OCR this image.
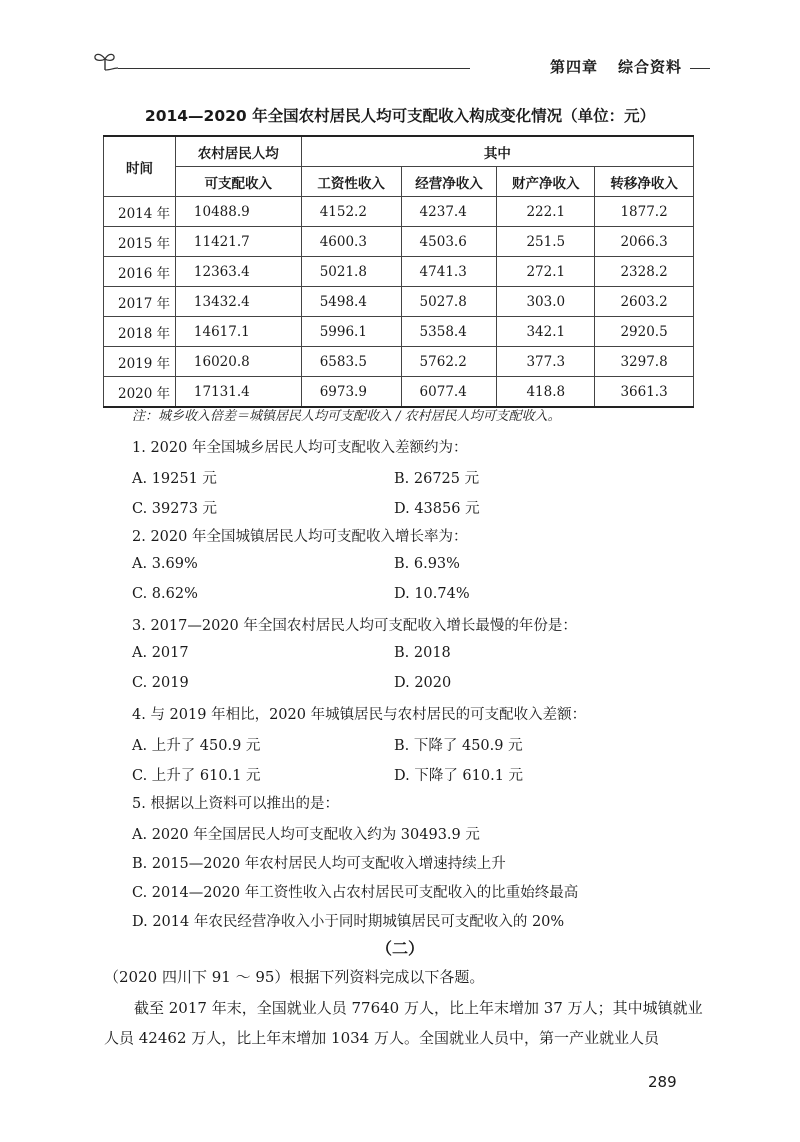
第四章 综合资料
2014—2020 年全国农村居民人均可支配收入构成变化情况（单位：元）
时间	农村居民人均	其中			
	可支配收入	工资性收入	经营净收入	财产净收入	转移净收入
2014 年	10488.9	4152.2	4237.4	222.1	1877.2
2015 年	11421.7	4600.3	4503.6	251.5	2066.3
2016 年	12363.4	5021.8	4741.3	272.1	2328.2
2017 年	13432.4	5498.4	5027.8	303.0	2603.2
2018 年	14617.1	5996.1	5358.4	342.1	2920.5
2019 年	16020.8	6583.5	5762.2	377.3	3297.8
2020 年	17131.4	6973.9	6077.4	418.8	3661.3
注：城乡收入倍差＝城镇居民人均可支配收入 / 农村居民人均可支配收入。
1. 2020 年全国城乡居民人均可支配收入差额约为：
A. 19251 元	B. 26725 元
C. 39273 元	D. 43856 元
2. 2020 年全国城镇居民人均可支配收入增长率为：
A. 3.69%	B. 6.93%
C. 8.62%	D. 10.74%
3. 2017—2020 年全国农村居民人均可支配收入增长最慢的年份是：
A. 2017	B. 2018
C. 2019	D. 2020
4. 与 2019 年相比，2020 年城镇居民与农村居民的可支配收入差额：
A. 上升了 450.9 元	B. 下降了 450.9 元
C. 上升了 610.1 元	D. 下降了 610.1 元
5. 根据以上资料可以推出的是：
A. 2020 年全国居民人均可支配收入约为 30493.9 元
B. 2015—2020 年农村居民人均可支配收入增速持续上升
C. 2014—2020 年工资性收入占农村居民可支配收入的比重始终最高
D. 2014 年农民经营净收入小于同时期城镇居民可支配收入的 20%
（二）
（2020 四川下 91 ～ 95）根据下列资料完成以下各题。
截至 2017 年末，全国就业人员 77640 万人，比上年末增加 37 万人；其中城镇就业人员 42462 万人，比上年末增加 1034 万人。全国就业人员中，第一产业就业人员
289
